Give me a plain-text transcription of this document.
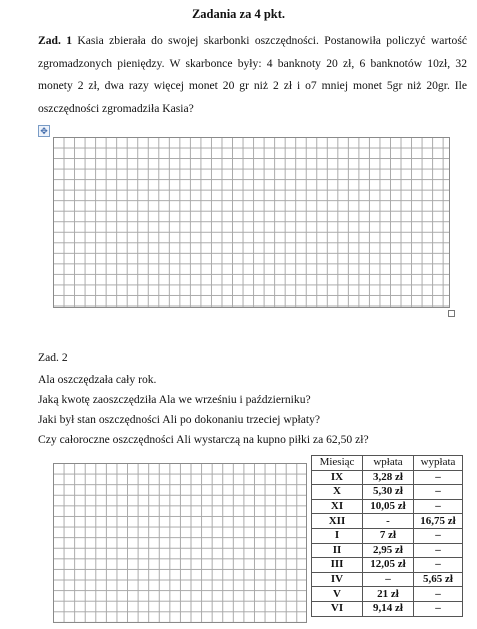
Zadania za 4 pkt.
Zad. 1 Kasia zbierała do swojej skarbonki oszczędności. Postanowiła policzyć wartość zgromadzonych pieniędzy. W skarbonce były: 4 banknoty 20 zł, 6 banknotów 10zł, 32 monety 2 zł, dwa razy więcej monet 20 gr niż 2 zł i o7 mniej monet 5gr niż 20gr. Ile oszczędności zgromadziła Kasia?
✥
Zad. 2
Ala oszczędzała cały rok.
Jaką kwotę zaoszczędziła Ala we wrześniu i październiku?
Jaki był stan oszczędności Ali po dokonaniu trzeciej wpłaty?
Czy całoroczne oszczędności Ali wystarczą na kupno piłki za 62,50 zł?
Miesiąc	wpłata	wypłata
IX	3,28 zł	–
X	5,30 zł	–
XI	10,05 zł	–
XII	-	16,75 zł
I	7 zł	–
II	2,95 zł	–
III	12,05 zł	–
IV	–	5,65 zł
V	21 zł	–
VI	9,14 zł	–
